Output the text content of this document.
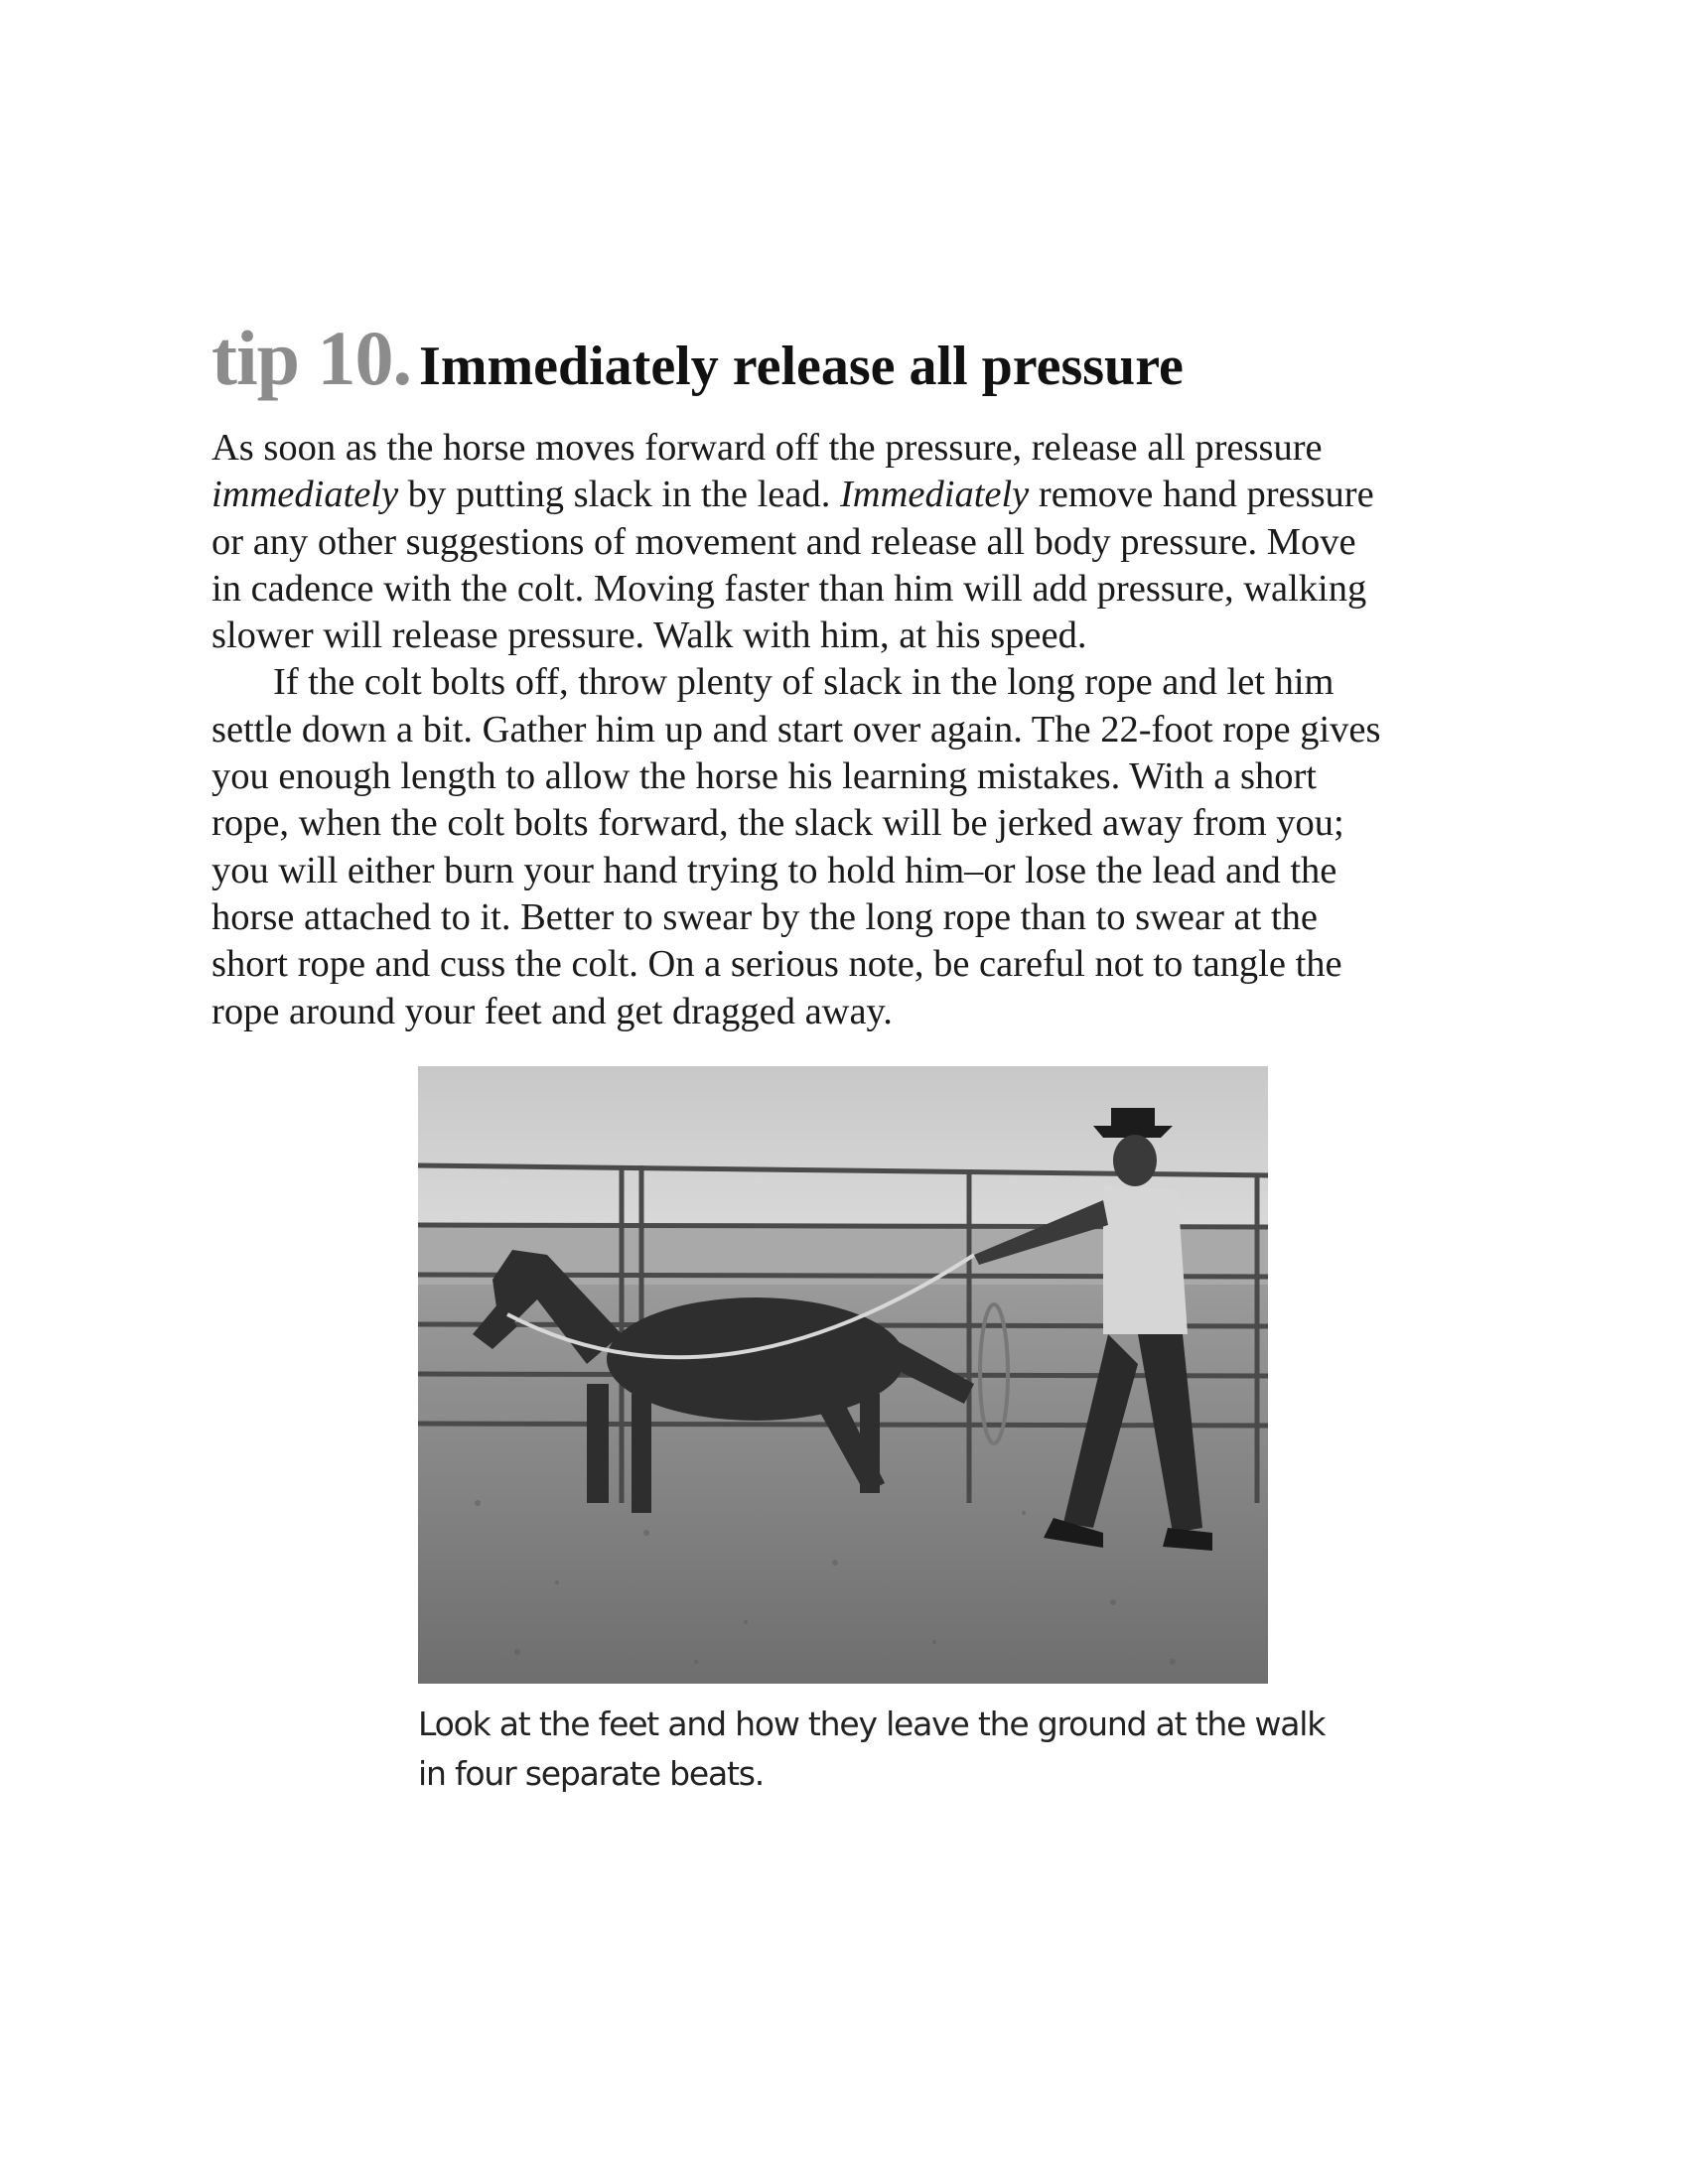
tip 10. Immediately release all pressure
As soon as the horse moves forward off the pressure, release all pressure
immediately by putting slack in the lead. Immediately remove hand pressure
or any other suggestions of movement and release all body pressure. Move
in cadence with the colt. Moving faster than him will add pressure, walking
slower will release pressure. Walk with him, at his speed.
If the colt bolts off, throw plenty of slack in the long rope and let him
settle down a bit. Gather him up and start over again. The 22-foot rope gives
you enough length to allow the horse his learning mistakes. With a short
rope, when the colt bolts forward, the slack will be jerked away from you;
you will either burn your hand trying to hold him–or lose the lead and the
horse attached to it. Better to swear by the long rope than to swear at the
short rope and cuss the colt. On a serious note, be careful not to tangle the
rope around your feet and get dragged away.
Look at the feet and how they leave the ground at the walk
in four separate beats.
